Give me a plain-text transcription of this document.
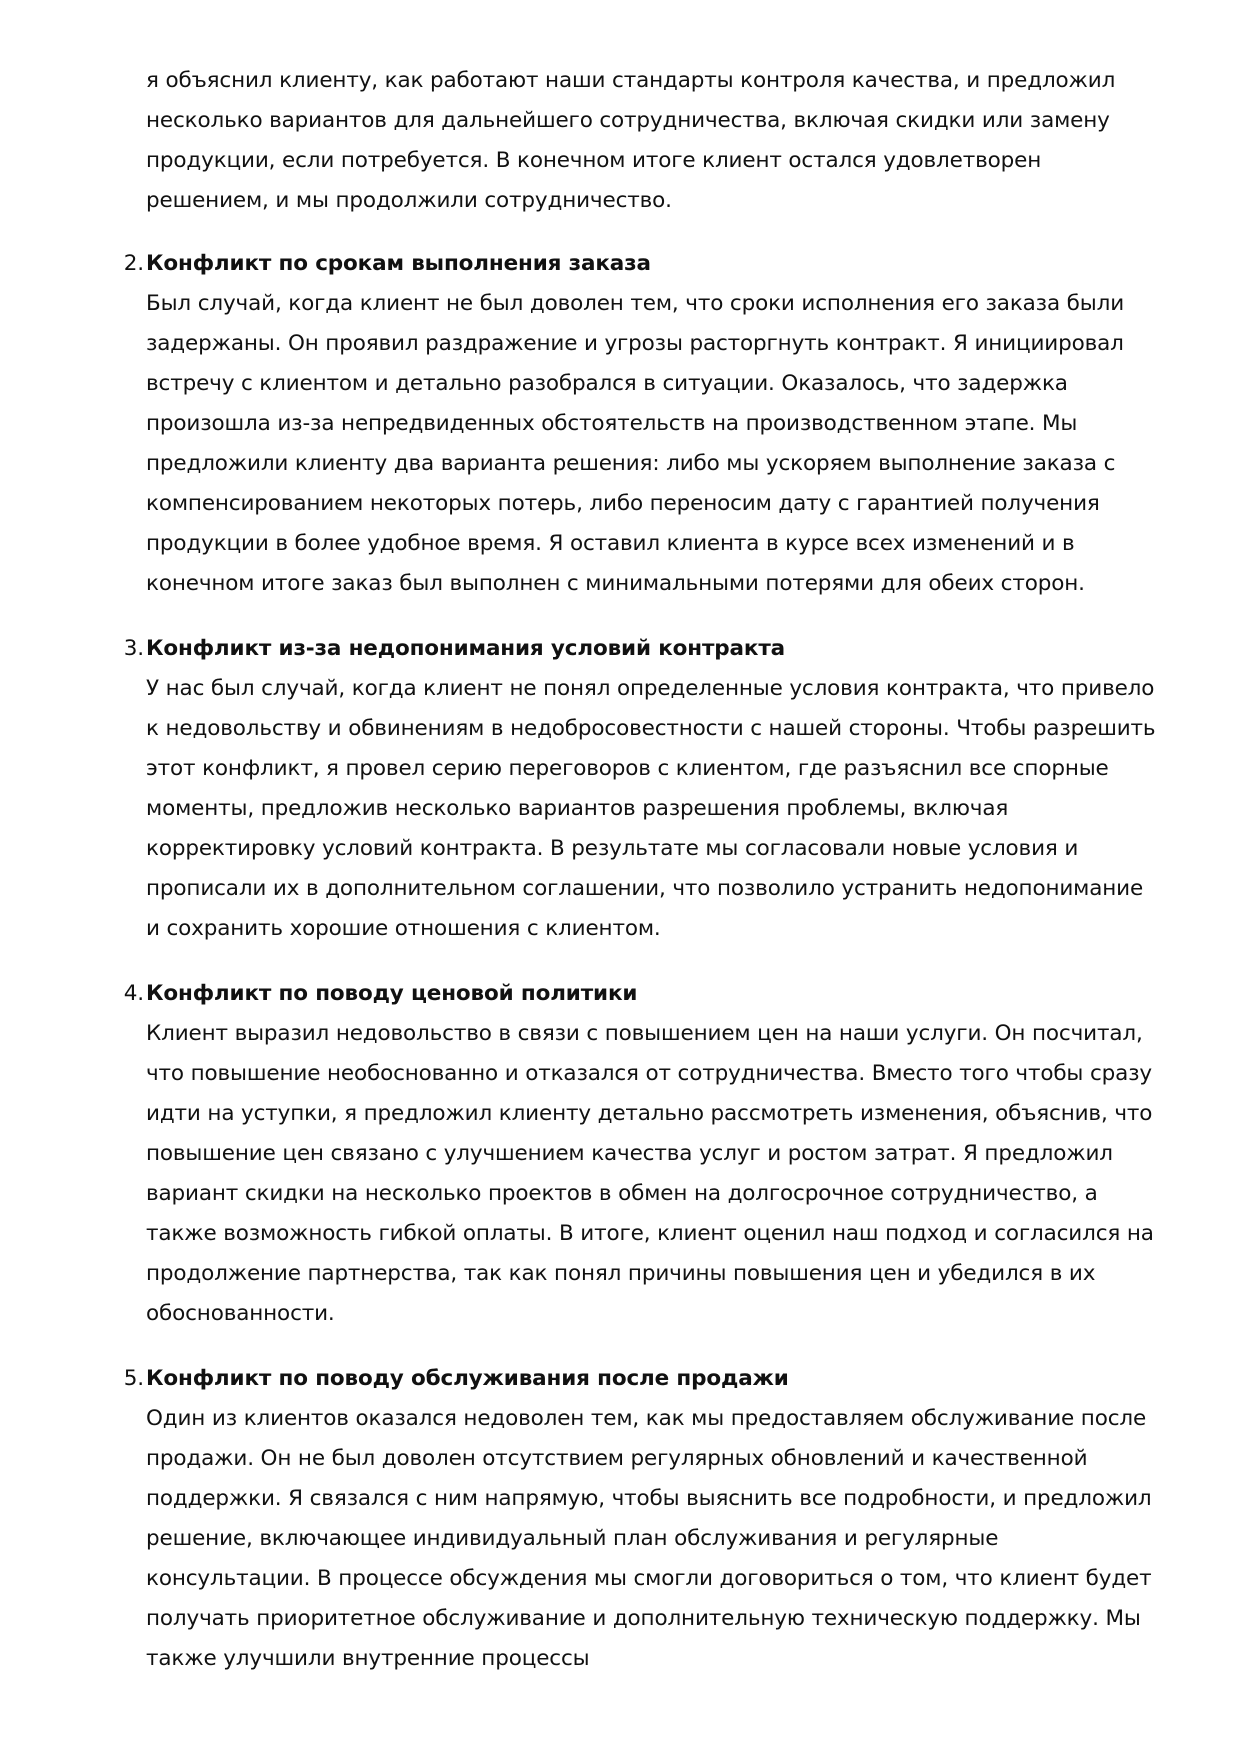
я объяснил клиенту, как работают наши стандарты контроля качества, и предложил несколько вариантов для дальнейшего сотрудничества, включая скидки или замену продукции, если потребуется. В конечном итоге клиент остался удовлетворен решением, и мы продолжили сотрудничество.

2. Конфликт по срокам выполнения заказа

Был случай, когда клиент не был доволен тем, что сроки исполнения его заказа были задержаны. Он проявил раздражение и угрозы расторгнуть контракт. Я инициировал встречу с клиентом и детально разобрался в ситуации. Оказалось, что задержка произошла из-за непредвиденных обстоятельств на производственном этапе. Мы предложили клиенту два варианта решения: либо мы ускоряем выполнение заказа с компенсированием некоторых потерь, либо переносим дату с гарантией получения продукции в более удобное время. Я оставил клиента в курсе всех изменений и в конечном итоге заказ был выполнен с минимальными потерями для обеих сторон.

3. Конфликт из-за недопонимания условий контракта

У нас был случай, когда клиент не понял определенные условия контракта, что привело к недовольству и обвинениям в недобросовестности с нашей стороны. Чтобы разрешить этот конфликт, я провел серию переговоров с клиентом, где разъяснил все спорные моменты, предложив несколько вариантов разрешения проблемы, включая корректировку условий контракта. В результате мы согласовали новые условия и прописали их в дополнительном соглашении, что позволило устранить недопонимание и сохранить хорошие отношения с клиентом.

4. Конфликт по поводу ценовой политики

Клиент выразил недовольство в связи с повышением цен на наши услуги. Он посчитал, что повышение необоснованно и отказался от сотрудничества. Вместо того чтобы сразу идти на уступки, я предложил клиенту детально рассмотреть изменения, объяснив, что повышение цен связано с улучшением качества услуг и ростом затрат. Я предложил вариант скидки на несколько проектов в обмен на долгосрочное сотрудничество, а также возможность гибкой оплаты. В итоге, клиент оценил наш подход и согласился на продолжение партнерства, так как понял причины повышения цен и убедился в их обоснованности.

5. Конфликт по поводу обслуживания после продажи

Один из клиентов оказался недоволен тем, как мы предоставляем обслуживание после продажи. Он не был доволен отсутствием регулярных обновлений и качественной поддержки. Я связался с ним напрямую, чтобы выяснить все подробности, и предложил решение, включающее индивидуальный план обслуживания и регулярные консультации. В процессе обсуждения мы смогли договориться о том, что клиент будет получать приоритетное обслуживание и дополнительную техническую поддержку. Мы также улучшили внутренние процессы
